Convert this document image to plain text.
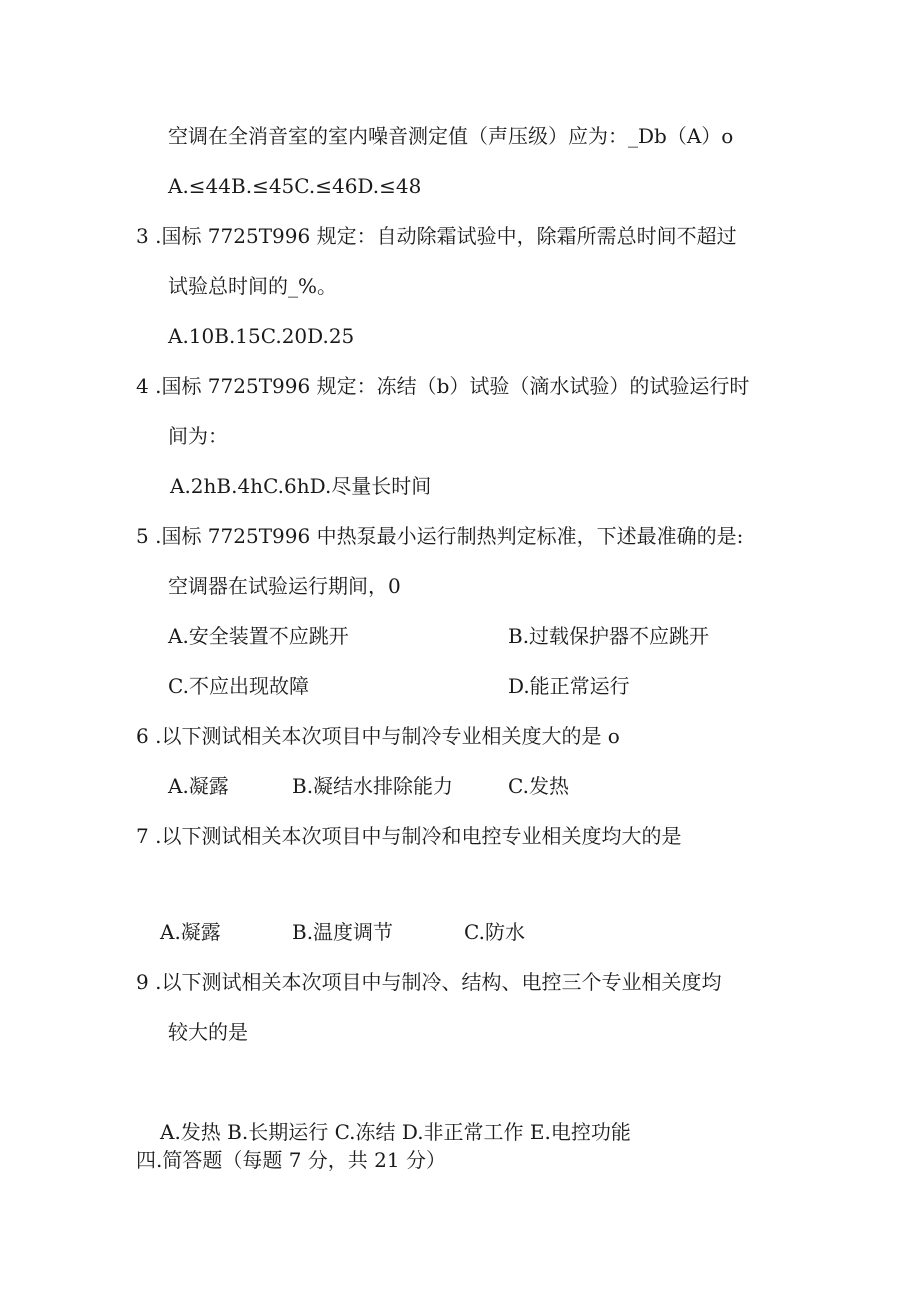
空调在全消音室的室内噪音测定值（声压级）应为：_Db（A）o
A.≤44B.≤45C.≤46D.≤48
3 .国标 7725T996 规定：自动除霜试验中，除霜所需总时间不超过
试验总时间的_%。
A.10B.15C.20D.25
4 .国标 7725T996 规定：冻结（b）试验（滴水试验）的试验运行时
间为：
A.2hB.4hC.6hD.尽量长时间
5 .国标 7725T996 中热泵最小运行制热判定标准，下述最准确的是:
空调器在试验运行期间，0
A.安全装置不应跳开	B.过载保护器不应跳开
C.不应出现故障	D.能正常运行
6 .以下测试相关本次项目中与制冷专业相关度大的是 o
A.凝露	B.凝结水排除能力	C.发热
7 .以下测试相关本次项目中与制冷和电控专业相关度均大的是
A.凝露	B.温度调节	C.防水
9 .以下测试相关本次项目中与制冷、结构、电控三个专业相关度均
较大的是
A.发热 B.长期运行 C.冻结 D.非正常工作 E.电控功能
四.简答题（每题 7 分，共 21 分）
